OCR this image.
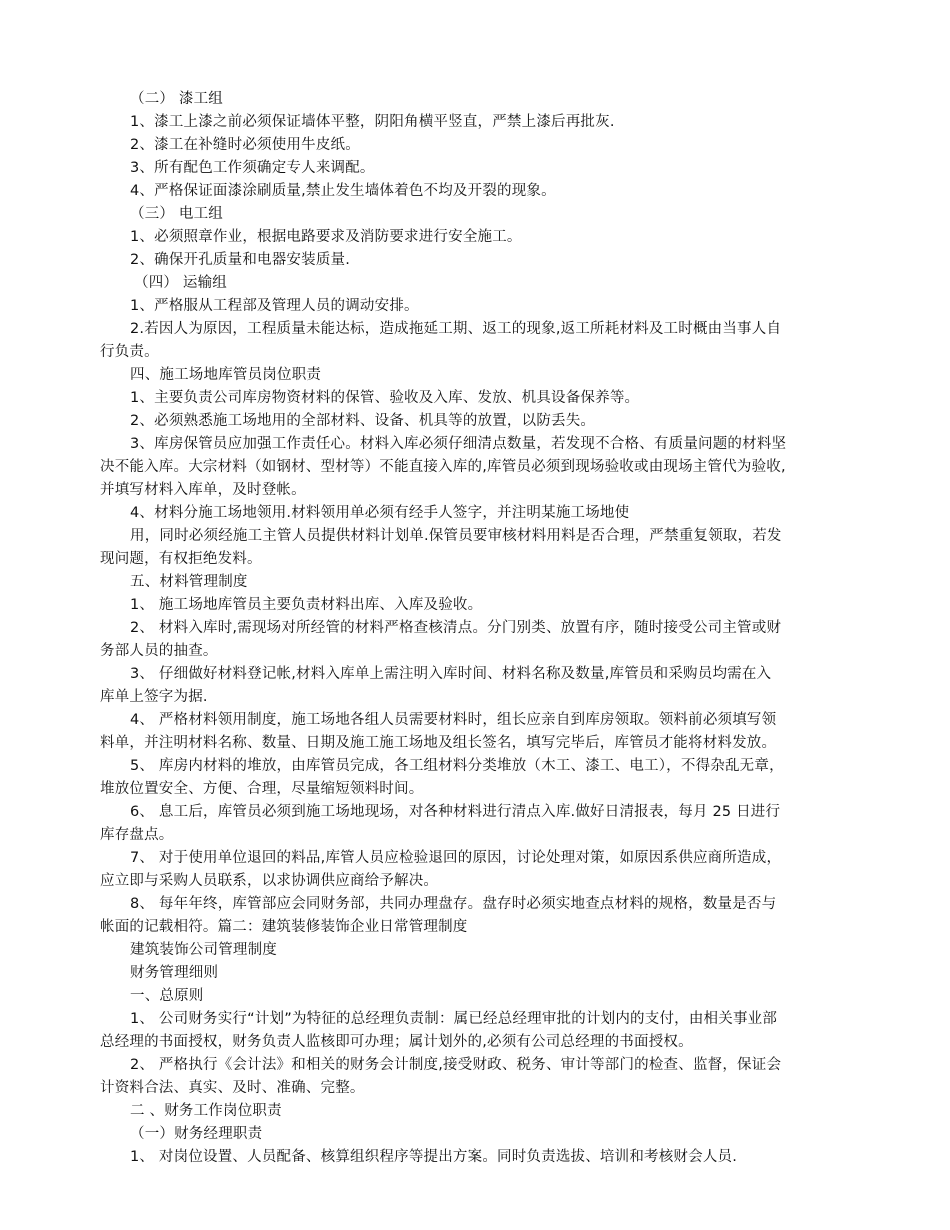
（二） 漆工组
1、漆工上漆之前必须保证墙体平整，阴阳角横平竖直，严禁上漆后再批灰.
2、漆工在补缝时必须使用牛皮纸。
3、所有配色工作须确定专人来调配。
4、严格保证面漆涂刷质量,禁止发生墙体着色不均及开裂的现象。
（三） 电工组
1、必须照章作业，根据电路要求及消防要求进行安全施工。
2、确保开孔质量和电器安装质量.
（四） 运输组
1、严格服从工程部及管理人员的调动安排。
2.若因人为原因，工程质量未能达标，造成拖延工期、返工的现象,返工所耗材料及工时概由当事人自
行负责。
四、施工场地库管员岗位职责
1、主要负责公司库房物资材料的保管、验收及入库、发放、机具设备保养等。
2、必须熟悉施工场地用的全部材料、设备、机具等的放置，以防丢失。
3、库房保管员应加强工作责任心。材料入库必须仔细清点数量，若发现不合格、有质量问题的材料坚
决不能入库。大宗材料（如钢材、型材等）不能直接入库的,库管员必须到现场验收或由现场主管代为验收,
并填写材料入库单，及时登帐。
4、材料分施工场地领用.材料领用单必须有经手人签字，并注明某施工场地使
用，同时必须经施工主管人员提供材料计划单.保管员要审核材料用料是否合理，严禁重复领取，若发
现问题，有权拒绝发料。
五、材料管理制度
1、 施工场地库管员主要负责材料出库、入库及验收。
2、 材料入库时,需现场对所经管的材料严格查核清点。分门别类、放置有序，随时接受公司主管或财
务部人员的抽查。
3、 仔细做好材料登记帐,材料入库单上需注明入库时间、材料名称及数量,库管员和采购员均需在入
库单上签字为据.
4、 严格材料领用制度，施工场地各组人员需要材料时，组长应亲自到库房领取。领料前必须填写领
料单，并注明材料名称、数量、日期及施工施工场地及组长签名，填写完毕后，库管员才能将材料发放。
5、 库房内材料的堆放，由库管员完成，各工组材料分类堆放（木工、漆工、电工），不得杂乱无章，
堆放位置安全、方便、合理，尽量缩短领料时间。
6、 息工后，库管员必须到施工场地现场，对各种材料进行清点入库.做好日清报表，每月 25 日进行
库存盘点。
7、 对于使用单位退回的料品,库管人员应检验退回的原因，讨论处理对策，如原因系供应商所造成，
应立即与采购人员联系，以求协调供应商给予解决。
8、 每年年终，库管部应会同财务部，共同办理盘存。盘存时必须实地查点材料的规格，数量是否与
帐面的记载相符。篇二：建筑装修装饰企业日常管理制度
建筑装饰公司管理制度
财务管理细则
一、总原则
1、 公司财务实行“计划”为特征的总经理负责制：属已经总经理审批的计划内的支付，由相关事业部
总经理的书面授权，财务负责人监核即可办理；属计划外的,必须有公司总经理的书面授权。
2、 严格执行《会计法》和相关的财务会计制度,接受财政、税务、审计等部门的检查、监督，保证会
计资料合法、真实、及时、准确、完整。
二 、财务工作岗位职责
（一）财务经理职责
1、 对岗位设置、人员配备、核算组织程序等提出方案。同时负责选拔、培训和考核财会人员.
